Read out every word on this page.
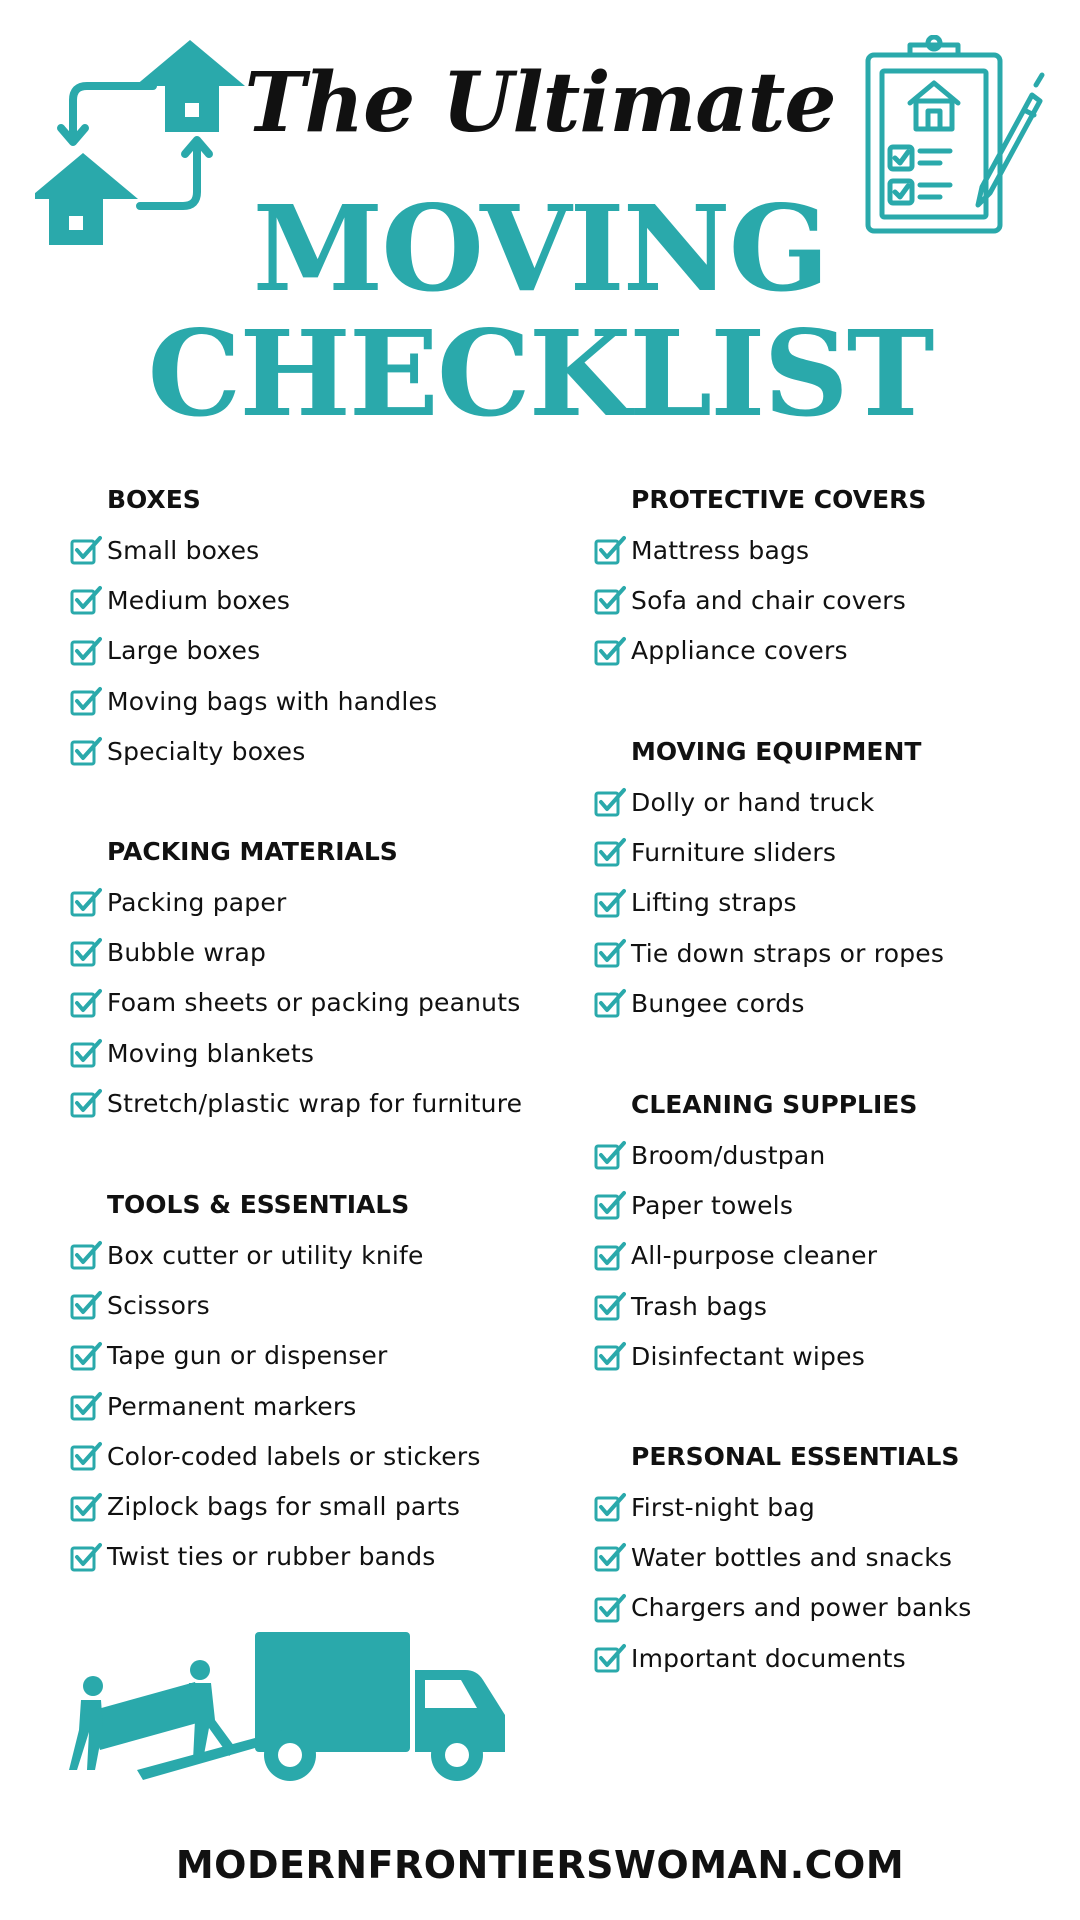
The Ultimate
MOVING
CHECKLIST
BOXES
Small boxes
Medium boxes
Large boxes
Moving bags with handles
Specialty boxes
PACKING MATERIALS
Packing paper
Bubble wrap
Foam sheets or packing peanuts
Moving blankets
Stretch/plastic wrap for furniture
TOOLS & ESSENTIALS
Box cutter or utility knife
Scissors
Tape gun or dispenser
Permanent markers
Color-coded labels or stickers
Ziplock bags for small parts
Twist ties or rubber bands
PROTECTIVE COVERS
Mattress bags
Sofa and chair covers
Appliance covers
MOVING EQUIPMENT
Dolly or hand truck
Furniture sliders
Lifting straps
Tie down straps or ropes
Bungee cords
CLEANING SUPPLIES
Broom/dustpan
Paper towels
All-purpose cleaner
Trash bags
Disinfectant wipes
PERSONAL ESSENTIALS
First-night bag
Water bottles and snacks
Chargers and power banks
Important documents
MODERNFRONTIERSWOMAN.COM
